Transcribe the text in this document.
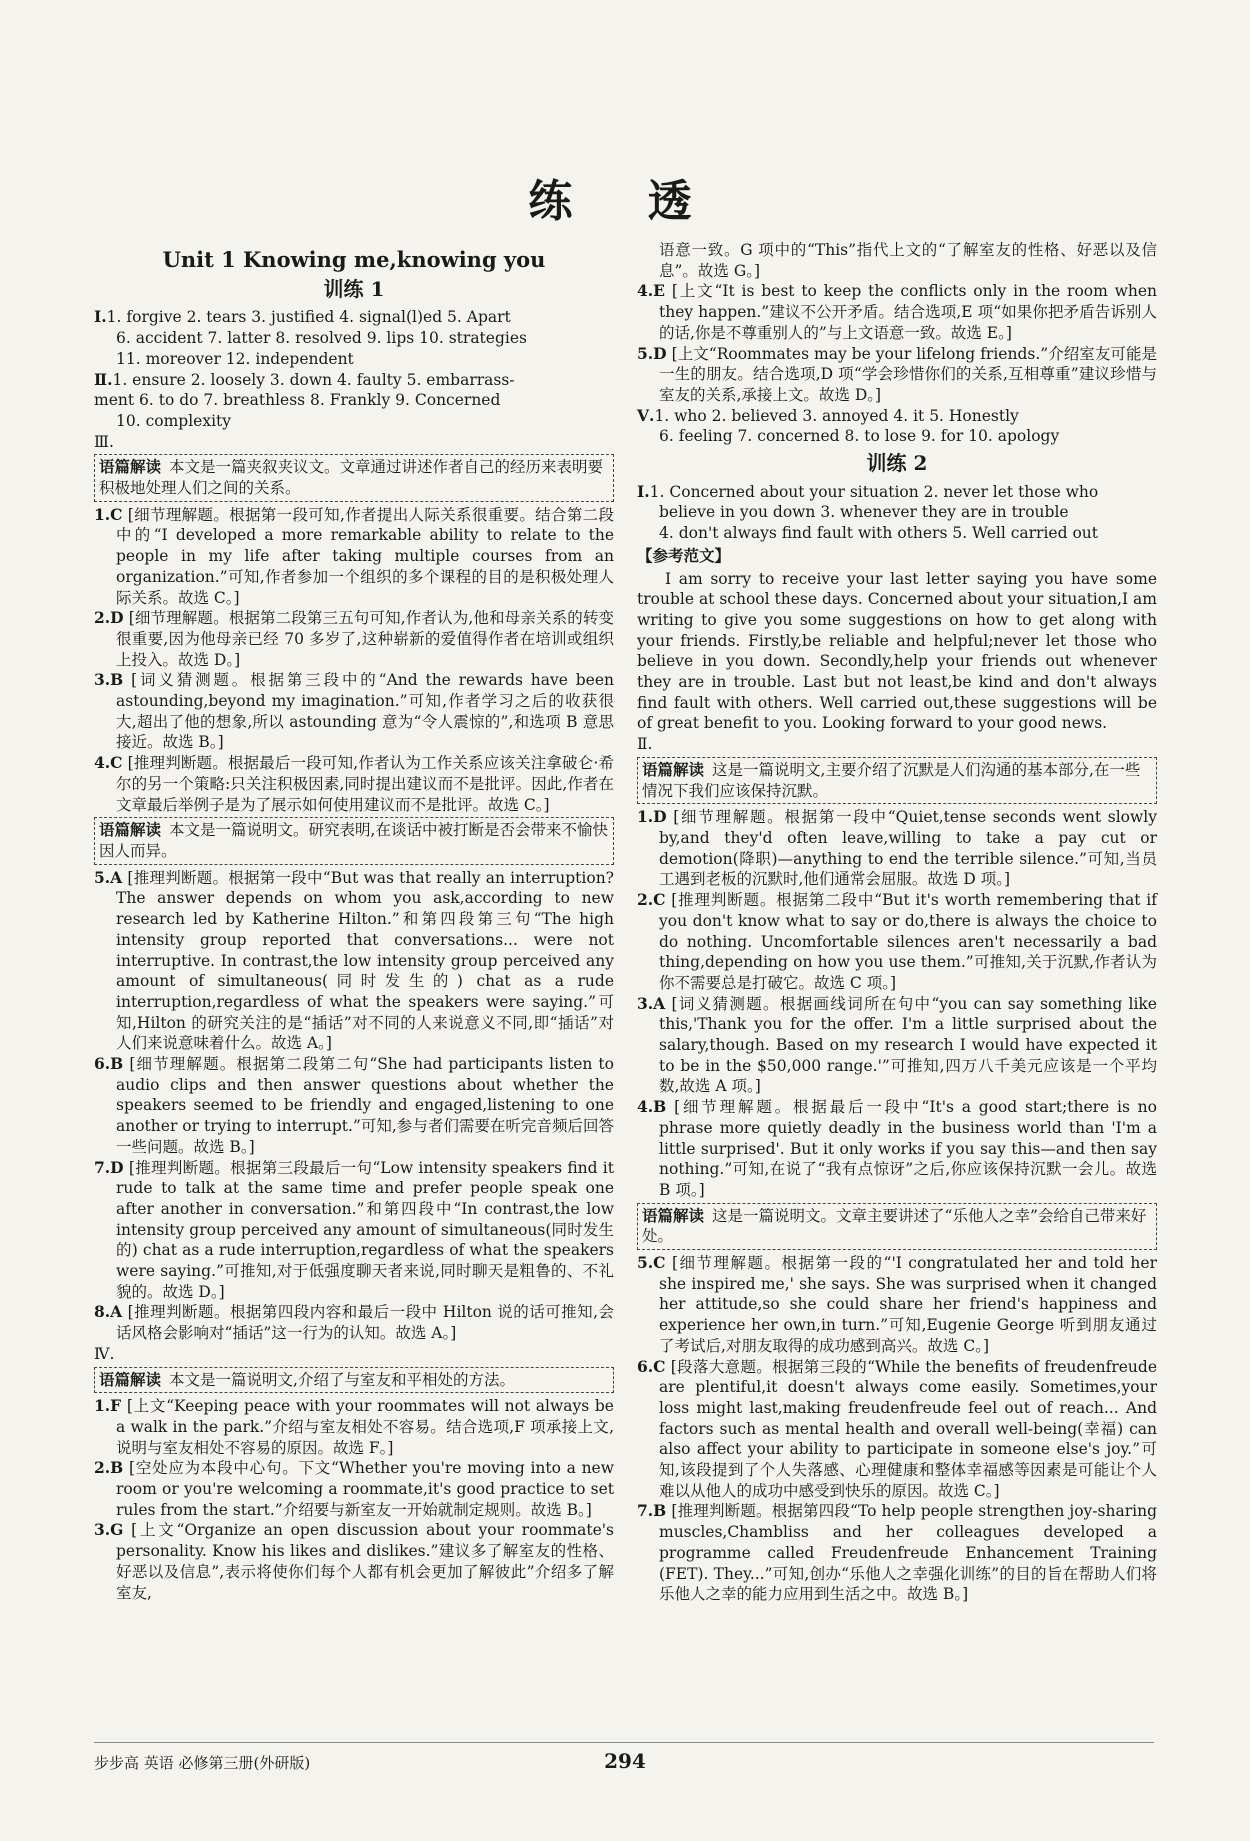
练 透
Unit 1 Knowing me,knowing you
训练 1
Ⅰ.1. forgive 2. tears 3. justified 4. signal(l)ed 5. Apart
6. accident 7. latter 8. resolved 9. lips 10. strategies
11. moreover 12. independent
Ⅱ.1. ensure 2. loosely 3. down 4. faulty 5. embarrass-
ment 6. to do 7. breathless 8. Frankly 9. Concerned
10. complexity
Ⅲ.
语篇解读 本文是一篇夹叙夹议文。文章通过讲述作者自己的经历来表明要积极地处理人们之间的关系。
1.C [细节理解题。根据第一段可知,作者提出人际关系很重要。结合第二段中的“I developed a more remarkable ability to relate to the people in my life after taking multiple courses from an organization.”可知,作者参加一个组织的多个课程的目的是积极处理人际关系。故选 C。]
2.D [细节理解题。根据第二段第三五句可知,作者认为,他和母亲关系的转变很重要,因为他母亲已经 70 多岁了,这种崭新的爱值得作者在培训或组织上投入。故选 D。]
3.B [词义猜测题。根据第三段中的“And the rewards have been astounding,beyond my imagination.”可知,作者学习之后的收获很大,超出了他的想象,所以 astounding 意为“令人震惊的”,和选项 B 意思接近。故选 B。]
4.C [推理判断题。根据最后一段可知,作者认为工作关系应该关注拿破仑·希尔的另一个策略:只关注积极因素,同时提出建议而不是批评。因此,作者在文章最后举例子是为了展示如何使用建议而不是批评。故选 C。]
语篇解读 本文是一篇说明文。研究表明,在谈话中被打断是否会带来不愉快因人而异。
5.A [推理判断题。根据第一段中“But was that really an interruption? The answer depends on whom you ask,according to new research led by Katherine Hilton.”和第四段第三句“The high intensity group reported that conversations... were not interruptive. In contrast,the low intensity group perceived any amount of simultaneous(同时发生的) chat as a rude interruption,regardless of what the speakers were saying.”可知,Hilton 的研究关注的是“插话”对不同的人来说意义不同,即“插话”对人们来说意味着什么。故选 A。]
6.B [细节理解题。根据第二段第二句“She had participants listen to audio clips and then answer questions about whether the speakers seemed to be friendly and engaged,listening to one another or trying to interrupt.”可知,参与者们需要在听完音频后回答一些问题。故选 B。]
7.D [推理判断题。根据第三段最后一句“Low intensity speakers find it rude to talk at the same time and prefer people speak one after another in conversation.”和第四段中“In contrast,the low intensity group perceived any amount of simultaneous(同时发生的) chat as a rude interruption,regardless of what the speakers were saying.”可推知,对于低强度聊天者来说,同时聊天是粗鲁的、不礼貌的。故选 D。]
8.A [推理判断题。根据第四段内容和最后一段中 Hilton 说的话可推知,会话风格会影响对“插话”这一行为的认知。故选 A。]
Ⅳ.
语篇解读 本文是一篇说明文,介绍了与室友和平相处的方法。
1.F [上文“Keeping peace with your roommates will not always be a walk in the park.”介绍与室友相处不容易。结合选项,F 项承接上文,说明与室友相处不容易的原因。故选 F。]
2.B [空处应为本段中心句。下文“Whether you're moving into a new room or you're welcoming a roommate,it's good practice to set rules from the start.”介绍要与新室友一开始就制定规则。故选 B。]
3.G [上文“Organize an open discussion about your roommate's personality. Know his likes and dislikes.”建议多了解室友的性格、好恶以及信息”,表示将使你们每个人都有机会更加了解彼此”介绍多了解室友,
语意一致。G 项中的“This”指代上文的“了解室友的性格、好恶以及信息”。故选 G。]
4.E [上文“It is best to keep the conflicts only in the room when they happen.”建议不公开矛盾。结合选项,E 项“如果你把矛盾告诉别人的话,你是不尊重别人的”与上文语意一致。故选 E。]
5.D [上文“Roommates may be your lifelong friends.”介绍室友可能是一生的朋友。结合选项,D 项“学会珍惜你们的关系,互相尊重”建议珍惜与室友的关系,承接上文。故选 D。]
Ⅴ.1. who 2. believed 3. annoyed 4. it 5. Honestly
6. feeling 7. concerned 8. to lose 9. for 10. apology
训练 2
Ⅰ.1. Concerned about your situation 2. never let those who
believe in you down 3. whenever they are in trouble
4. don't always find fault with others 5. Well carried out
【参考范文】

I am sorry to receive your last letter saying you have some trouble at school these days. Concerned about your situation,I am writing to give you some suggestions on how to get along with your friends. Firstly,be reliable and helpful;never let those who believe in you down. Secondly,help your friends out whenever they are in trouble. Last but not least,be kind and don't always find fault with others. Well carried out,these suggestions will be of great benefit to you. Looking forward to your good news.

Ⅱ.
语篇解读 这是一篇说明文,主要介绍了沉默是人们沟通的基本部分,在一些情况下我们应该保持沉默。
1.D [细节理解题。根据第一段中“Quiet,tense seconds went slowly by,and they'd often leave,willing to take a pay cut or demotion(降职)—anything to end the terrible silence.”可知,当员工遇到老板的沉默时,他们通常会屈服。故选 D 项。]
2.C [推理判断题。根据第二段中“But it's worth remembering that if you don't know what to say or do,there is always the choice to do nothing. Uncomfortable silences aren't necessarily a bad thing,depending on how you use them.”可推知,关于沉默,作者认为你不需要总是打破它。故选 C 项。]
3.A [词义猜测题。根据画线词所在句中“you can say something like this,'Thank you for the offer. I'm a little surprised about the salary,though. Based on my research I would have expected it to be in the $50,000 range.'”可推知,四万八千美元应该是一个平均数,故选 A 项。]
4.B [细节理解题。根据最后一段中“It's a good start;there is no phrase more quietly deadly in the business world than 'I'm a little surprised'. But it only works if you say this—and then say nothing.”可知,在说了“我有点惊讶”之后,你应该保持沉默一会儿。故选 B 项。]
语篇解读 这是一篇说明文。文章主要讲述了“乐他人之幸”会给自己带来好处。
5.C [细节理解题。根据第一段的“'I congratulated her and told her she inspired me,' she says. She was surprised when it changed her attitude,so she could share her friend's happiness and experience her own,in turn.”可知,Eugenie George 听到朋友通过了考试后,对朋友取得的成功感到高兴。故选 C。]
6.C [段落大意题。根据第三段的“While the benefits of freudenfreude are plentiful,it doesn't always come easily. Sometimes,your loss might last,making freudenfreude feel out of reach... And factors such as mental health and overall well-being(幸福) can also affect your ability to participate in someone else's joy.”可知,该段提到了个人失落感、心理健康和整体幸福感等因素是可能让个人难以从他人的成功中感受到快乐的原因。故选 C。]
7.B [推理判断题。根据第四段“To help people strengthen joy-sharing muscles,Chambliss and her colleagues developed a programme called Freudenfreude Enhancement Training (FET). They...”可知,创办“乐他人之幸强化训练”的目的旨在帮助人们将乐他人之幸的能力应用到生活之中。故选 B。]
步步高 英语 必修第三册(外研版)	294
